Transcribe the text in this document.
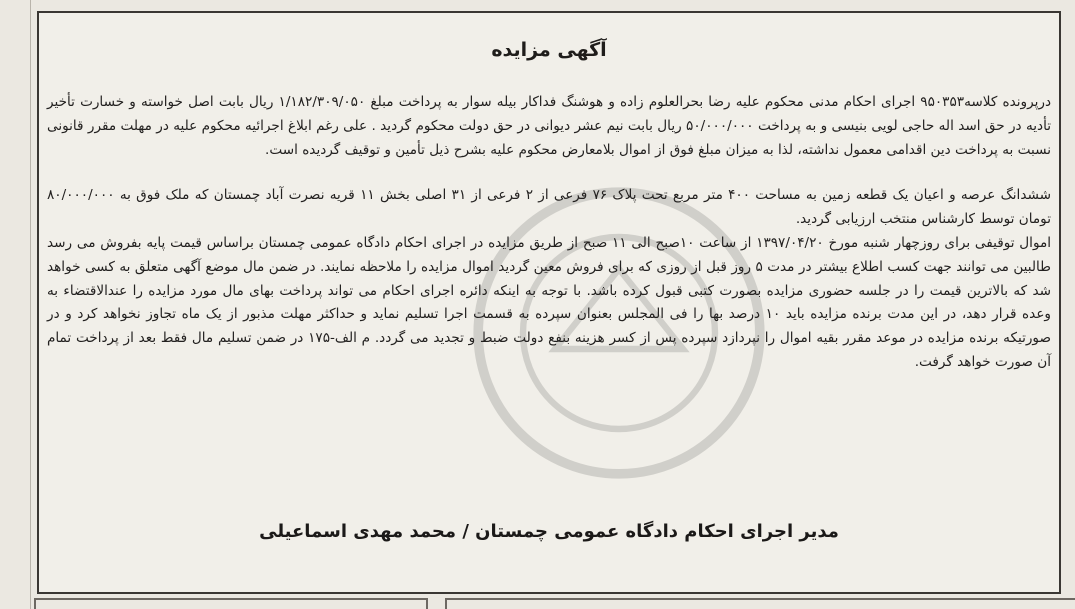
آگهی مزایده

درپرونده کلاسه۹۵۰۳۵۳ اجرای احکام مدنی محکوم علیه رضا بحرالعلوم زاده و هوشنگ فداکار بیله سوار به پرداخت مبلغ ۱/۱۸۲/۳۰۹/۰۵۰ ریال بابت اصل خواسته و خسارت تأخیر تأدیه در حق اسد اله حاجی لویی بنیسی و به پرداخت ۵۰/۰۰۰/۰۰۰ ریال بابت نیم عشر دیوانی در حق دولت محکوم گردید . علی رغم ابلاغ اجرائیه محکوم علیه در مهلت مقرر قانونی نسبت به پرداخت دین اقدامی معمول نداشته، لذا به میزان مبلغ فوق از اموال بلامعارض محکوم علیه بشرح ذیل تأمین و توقیف گردیده است.

ششدانگ عرصه و اعیان یک قطعه زمین به مساحت ۴۰۰ متر مربع تحت پلاک ۷۶ فرعی از ۲ فرعی از ۳۱ اصلی بخش ۱۱ قریه نصرت آباد چمستان که ملک فوق به ۸۰/۰۰۰/۰۰۰ تومان توسط کارشناس منتخب ارزیابی گردید.

اموال توقیفی برای روزچهار شنبه مورخ ۱۳۹۷/۰۴/۲۰ از ساعت ۱۰صبح الی ۱۱ صبح از طریق مزایده در اجرای احکام دادگاه عمومی چمستان براساس قیمت پایه بفروش می رسد طالبین می توانند جهت کسب اطلاع بیشتر در مدت ۵ روز قبل از روزی که برای فروش معین گردید اموال مزایده را ملاحظه نمایند. در ضمن مال موضع آگهی متعلق به کسی خواهد شد که بالاترین قیمت را در جلسه حضوری مزایده بصورت کتبی قبول کرده باشد. با توجه به اینکه دائره اجرای احکام می تواند پرداخت بهای مال مورد مزایده را عندالاقتضاء به وعده قرار دهد، در این مدت برنده مزایده باید ۱۰ درصد بها را فی المجلس بعنوان سپرده به قسمت اجرا تسلیم نماید و حداکثر مهلت مذبور از یک ماه تجاوز نخواهد کرد و در صورتیکه برنده مزایده در موعد مقرر بقیه اموال را نپردازد سپرده پس از کسر هزینه بنفع دولت ضبط و تجدید می گردد. م الف-۱۷۵ در ضمن تسلیم مال فقط بعد از پرداخت تمام آن صورت خواهد گرفت.

مدیر اجرای احکام دادگاه عمومی چمستان / محمد مهدی اسماعیلی
